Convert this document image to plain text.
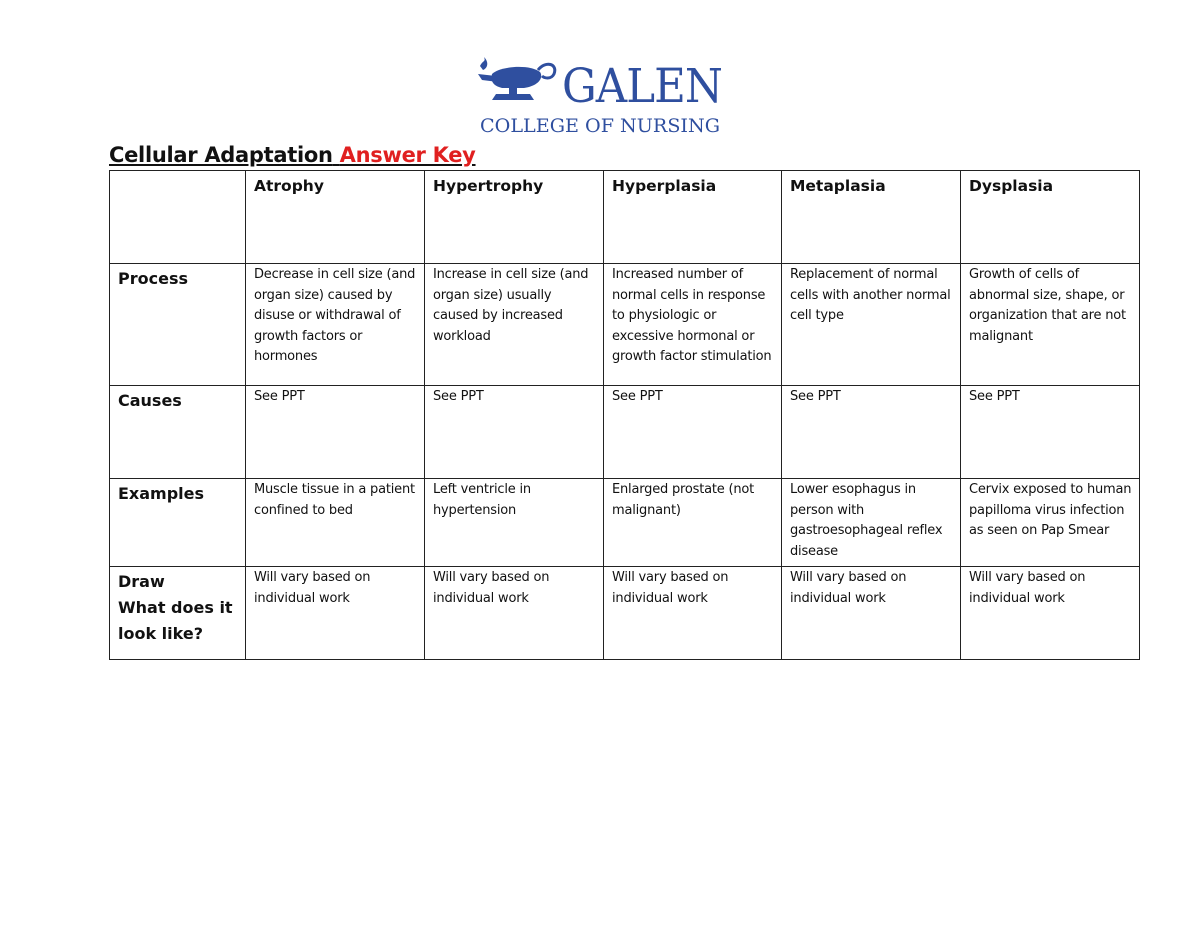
GALEN
COLLEGE OF NURSING
Cellular Adaptation Answer Key

	Atrophy	Hypertrophy	Hyperplasia	Metaplasia	Dysplasia

Process	Decrease in cell size (and organ size) caused by disuse or withdrawal of growth factors or hormones	Increase in cell size (and organ size) usually caused by increased workload	Increased number of normal cells in response to physiologic or excessive hormonal or growth factor stimulation	Replacement of normal cells with another normal cell type	Growth of cells of abnormal size, shape, or organization that are not malignant

Causes	See PPT	See PPT	See PPT	See PPT	See PPT

Examples	Muscle tissue in a patient confined to bed	Left ventricle in hypertension	Enlarged prostate (not malignant)	Lower esophagus in person with gastroesophageal reflex disease	Cervix exposed to human papilloma virus infection as seen on Pap Smear

Draw
What does it look like?	Will vary based on individual work	Will vary based on individual work	Will vary based on individual work	Will vary based on individual work	Will vary based on individual work
